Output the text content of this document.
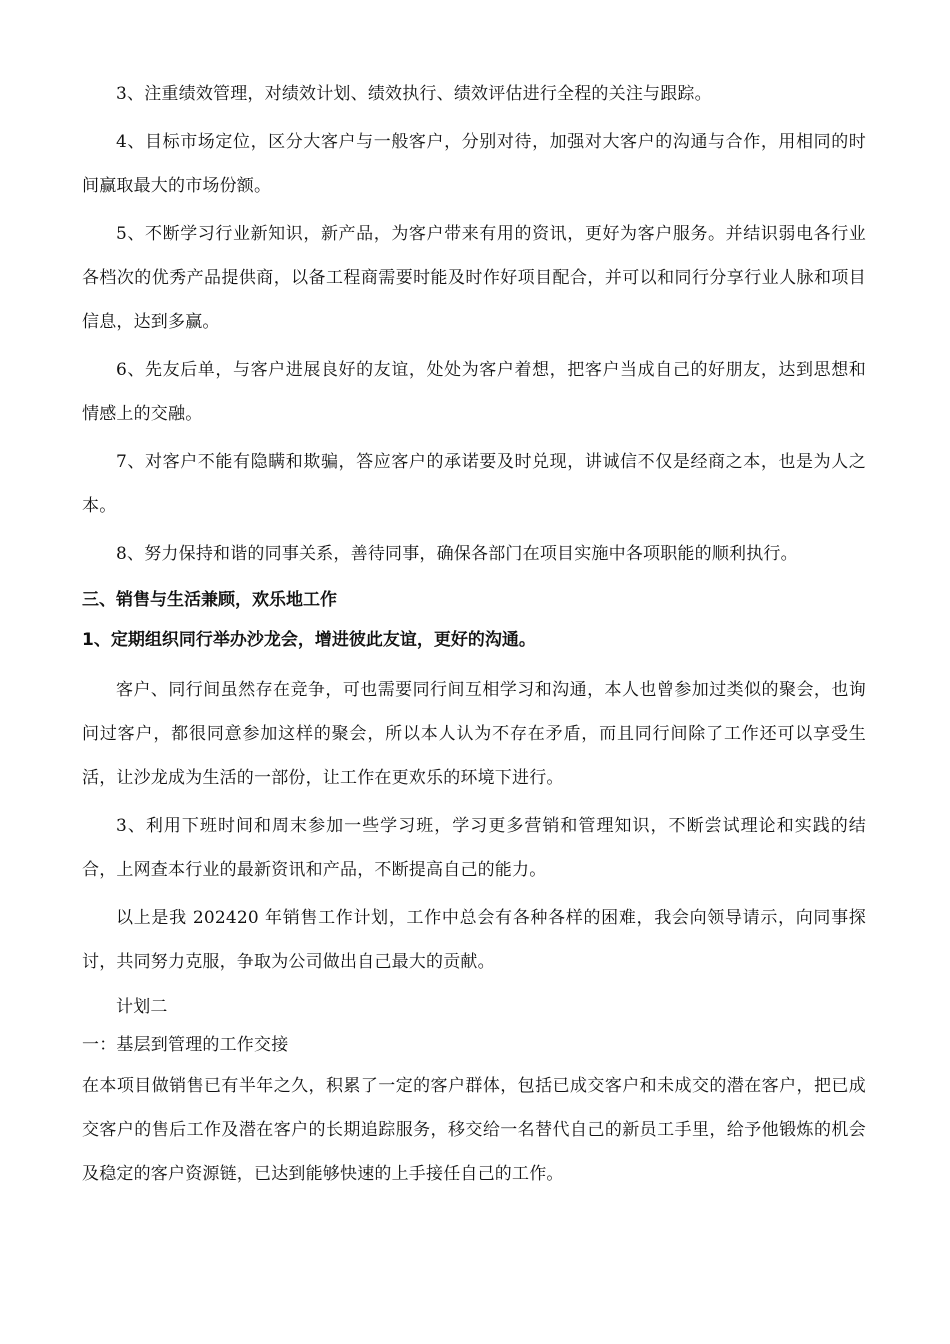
3、注重绩效管理，对绩效计划、绩效执行、绩效评估进行全程的关注与跟踪。

4、目标市场定位，区分大客户与一般客户，分别对待，加强对大客户的沟通与合作，用相同的时间赢取最大的市场份额。

5、不断学习行业新知识，新产品，为客户带来有用的资讯，更好为客户服务。并结识弱电各行业各档次的优秀产品提供商，以备工程商需要时能及时作好项目配合，并可以和同行分享行业人脉和项目信息，达到多赢。

6、先友后单，与客户进展良好的友谊，处处为客户着想，把客户当成自己的好朋友，达到思想和情感上的交融。

7、对客户不能有隐瞒和欺骗，答应客户的承诺要及时兑现，讲诚信不仅是经商之本，也是为人之本。

8、努力保持和谐的同事关系，善待同事，确保各部门在项目实施中各项职能的顺利执行。

三、销售与生活兼顾，欢乐地工作
1、定期组织同行举办沙龙会，增进彼此友谊，更好的沟通。

客户、同行间虽然存在竞争，可也需要同行间互相学习和沟通，本人也曾参加过类似的聚会，也询问过客户，都很同意参加这样的聚会，所以本人认为不存在矛盾，而且同行间除了工作还可以享受生活，让沙龙成为生活的一部份，让工作在更欢乐的环境下进行。

3、利用下班时间和周末参加一些学习班，学习更多营销和管理知识，不断尝试理论和实践的结合，上网查本行业的最新资讯和产品，不断提高自己的能力。

以上是我 202420 年销售工作计划，工作中总会有各种各样的困难，我会向领导请示，向同事探讨，共同努力克服，争取为公司做出自己最大的贡献。

计划二

一：基层到管理的工作交接

在本项目做销售已有半年之久，积累了一定的客户群体，包括已成交客户和未成交的潜在客户，把已成交客户的售后工作及潜在客户的长期追踪服务，移交给一名替代自己的新员工手里，给予他锻炼的机会及稳定的客户资源链，已达到能够快速的上手接任自己的工作。
